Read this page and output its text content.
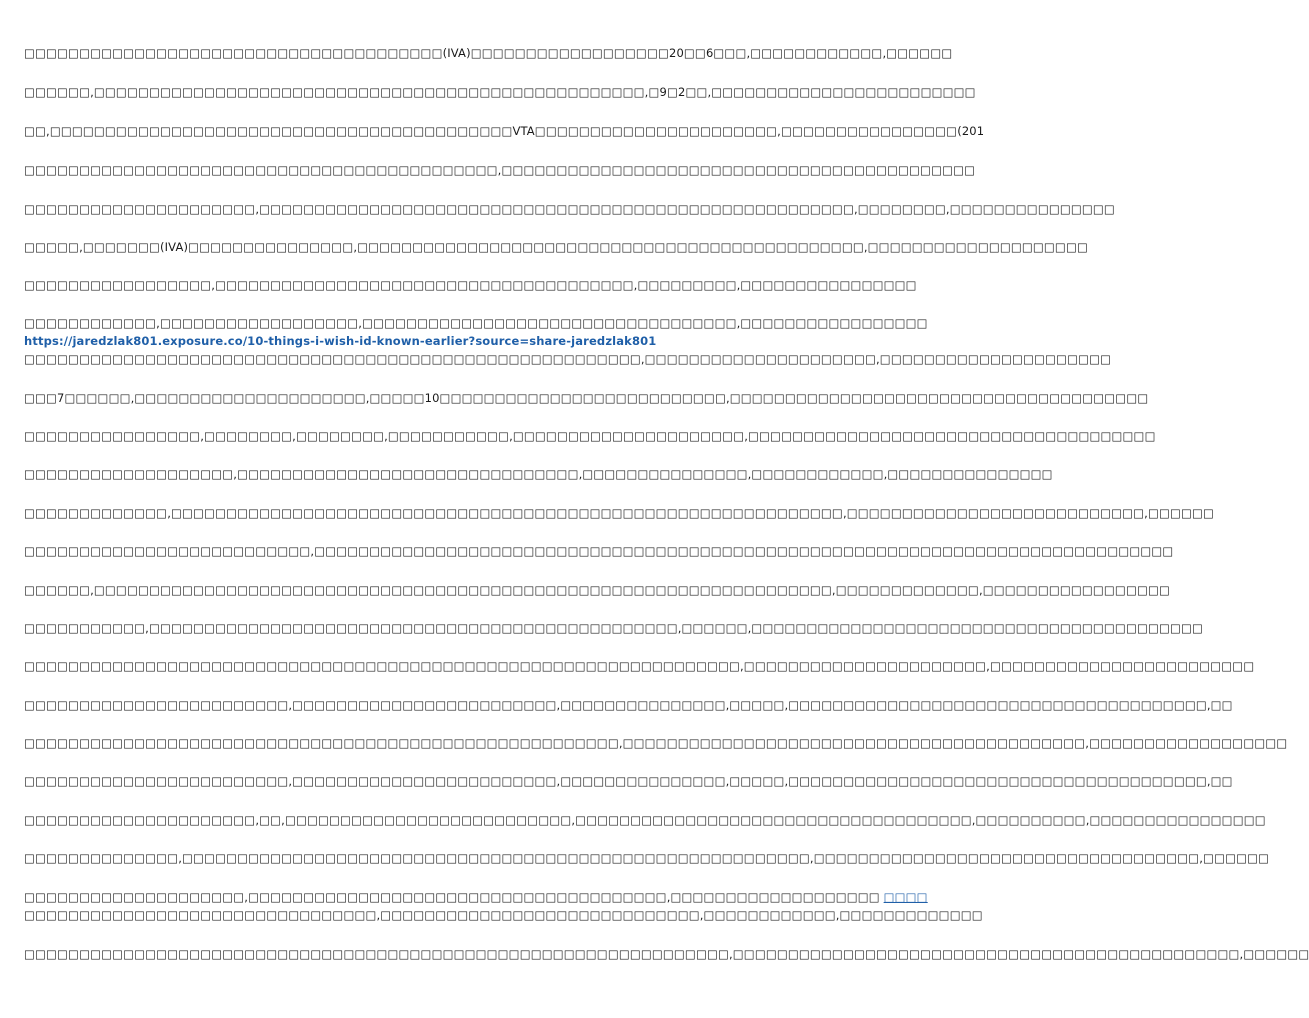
□□□□□□□□□□□□□□□□□□□□□□□□□□□□□□□□□□□□□□(IVA)□□□□□□□□□□□□□□□□□□20□□6□□□,□□□□□□□□□□□□,□□□□□□
□□□□□□,□□□□□□□□□□□□□□□□□□□□□□□□□□□□□□□□□□□□□□□□□□□□□□□□□□,□9□2□□,□□□□□□□□□□□□□□□□□□□□□□□□
□□,□□□□□□□□□□□□□□□□□□□□□□□□□□□□□□□□□□□□□□□□□□VTA□□□□□□□□□□□□□□□□□□□□□□,□□□□□□□□□□□□□□□□(201
□□□□□□□□□□□□□□□□□□□□□□□□□□□□□□□□□□□□□□□□□□□,□□□□□□□□□□□□□□□□□□□□□□□□□□□□□□□□□□□□□□□□□□□
□□□□□□□□□□□□□□□□□□□□□,□□□□□□□□□□□□□□□□□□□□□□□□□□□□□□□□□□□□□□□□□□□□□□□□□□□□□□,□□□□□□□□,□□□□□□□□□□□□□□□
□□□□□,□□□□□□□(IVA)□□□□□□□□□□□□□□□,□□□□□□□□□□□□□□□□□□□□□□□□□□□□□□□□□□□□□□□□□□□□□□,□□□□□□□□□□□□□□□□□□□□
□□□□□□□□□□□□□□□□□,□□□□□□□□□□□□□□□□□□□□□□□□□□□□□□□□□□□□□□,□□□□□□□□□,□□□□□□□□□□□□□□□□
□□□□□□□□□□□□,□□□□□□□□□□□□□□□□□□,□□□□□□□□□□□□□□□□□□□□□□□□□□□□□□□□□□,□□□□□□□□□□□□□□□□□
https://jaredzlak801.exposure.co/10-things-i-wish-id-known-earlier?source=share-jaredzlak801
□□□□□□□□□□□□□□□□□□□□□□□□□□□□□□□□□□□□□□□□□□□□□□□□□□□□□□□□,□□□□□□□□□□□□□□□□□□□□□,□□□□□□□□□□□□□□□□□□□□□
□□□7□□□□□□,□□□□□□□□□□□□□□□□□□□□□,□□□□□10□□□□□□□□□□□□□□□□□□□□□□□□□□,□□□□□□□□□□□□□□□□□□□□□□□□□□□□□□□□□□□□□□
□□□□□□□□□□□□□□□□,□□□□□□□□,□□□□□□□□,□□□□□□□□□□□,□□□□□□□□□□□□□□□□□□□□□,□□□□□□□□□□□□□□□□□□□□□□□□□□□□□□□□□□□□□
□□□□□□□□□□□□□□□□□□□,□□□□□□□□□□□□□□□□□□□□□□□□□□□□□□□,□□□□□□□□□□□□□□□,□□□□□□□□□□□□,□□□□□□□□□□□□□□□
□□□□□□□□□□□□□,□□□□□□□□□□□□□□□□□□□□□□□□□□□□□□□□□□□□□□□□□□□□□□□□□□□□□□□□□□□□□,□□□□□□□□□□□□□□□□□□□□□□□□□□□,□□□□□□
□□□□□□□□□□□□□□□□□□□□□□□□□□,□□□□□□□□□□□□□□□□□□□□□□□□□□□□□□□□□□□□□□□□□□□□□□□□□□□□□□□□□□□□□□□□□□□□□□□□□□□□□□
□□□□□□,□□□□□□□□□□□□□□□□□□□□□□□□□□□□□□□□□□□□□□□□□□□□□□□□□□□□□□□□□□□□□□□□□□□,□□□□□□□□□□□□□,□□□□□□□□□□□□□□□□□
□□□□□□□□□□□,□□□□□□□□□□□□□□□□□□□□□□□□□□□□□□□□□□□□□□□□□□□□□□□□,□□□□□□,□□□□□□□□□□□□□□□□□□□□□□□□□□□□□□□□□□□□□□□□□
□□□□□□□□□□□□□□□□□□□□□□□□□□□□□□□□□□□□□□□□□□□□□□□□□□□□□□□□□□□□□□□□□,□□□□□□□□□□□□□□□□□□□□□□,□□□□□□□□□□□□□□□□□□□□□□□□
□□□□□□□□□□□□□□□□□□□□□□□□,□□□□□□□□□□□□□□□□□□□□□□□□,□□□□□□□□□□□□□□□,□□□□□,□□□□□□□□□□□□□□□□□□□□□□□□□□□□□□□□□□□□□□,□□
□□□□□□□□□□□□□□□□□□□□□□□□□□□□□□□□□□□□□□□□□□□□□□□□□□□□□□,□□□□□□□□□□□□□□□□□□□□□□□□□□□□□□□□□□□□□□□□□□,□□□□□□□□□□□□□□□□□□
□□□□□□□□□□□□□□□□□□□□□□□□,□□□□□□□□□□□□□□□□□□□□□□□□,□□□□□□□□□□□□□□□,□□□□□,□□□□□□□□□□□□□□□□□□□□□□□□□□□□□□□□□□□□□□,□□
□□□□□□□□□□□□□□□□□□□□□,□□,□□□□□□□□□□□□□□□□□□□□□□□□□□,□□□□□□□□□□□□□□□□□□□□□□□□□□□□□□□□□□□□,□□□□□□□□□□,□□□□□□□□□□□□□□□□
□□□□□□□□□□□□□□,□□□□□□□□□□□□□□□□□□□□□□□□□□□□□□□□□□□□□□□□□□□□□□□□□□□□□□□□□,□□□□□□□□□□□□□□□□□□□□□□□□□□□□□□□□□□□,□□□□□□
□□□□□□□□□□□□□□□□□□□□,□□□□□□□□□□□□□□□□□□□□□□□□□□□□□□□□□□□□□□,□□□□□□□□□□□□□□□□□□□ □□□□
□□□□□□□□□□□□□□□□□□□□□□□□□□□□□□□□,□□□□□□□□□□□□□□□□□□□□□□□□□□□□□,□□□□□□□□□□□□,□□□□□□□□□□□□□
□□□□□□□□□□□□□□□□□□□□□□□□□□□□□□□□□□□□□□□□□□□□□□□□□□□□□□□□□□□□□□□□,□□□□□□□□□□□□□□□□□□□□□□□□□□□□□□□□□□□□□□□□□□□□□□,□□□□□□
